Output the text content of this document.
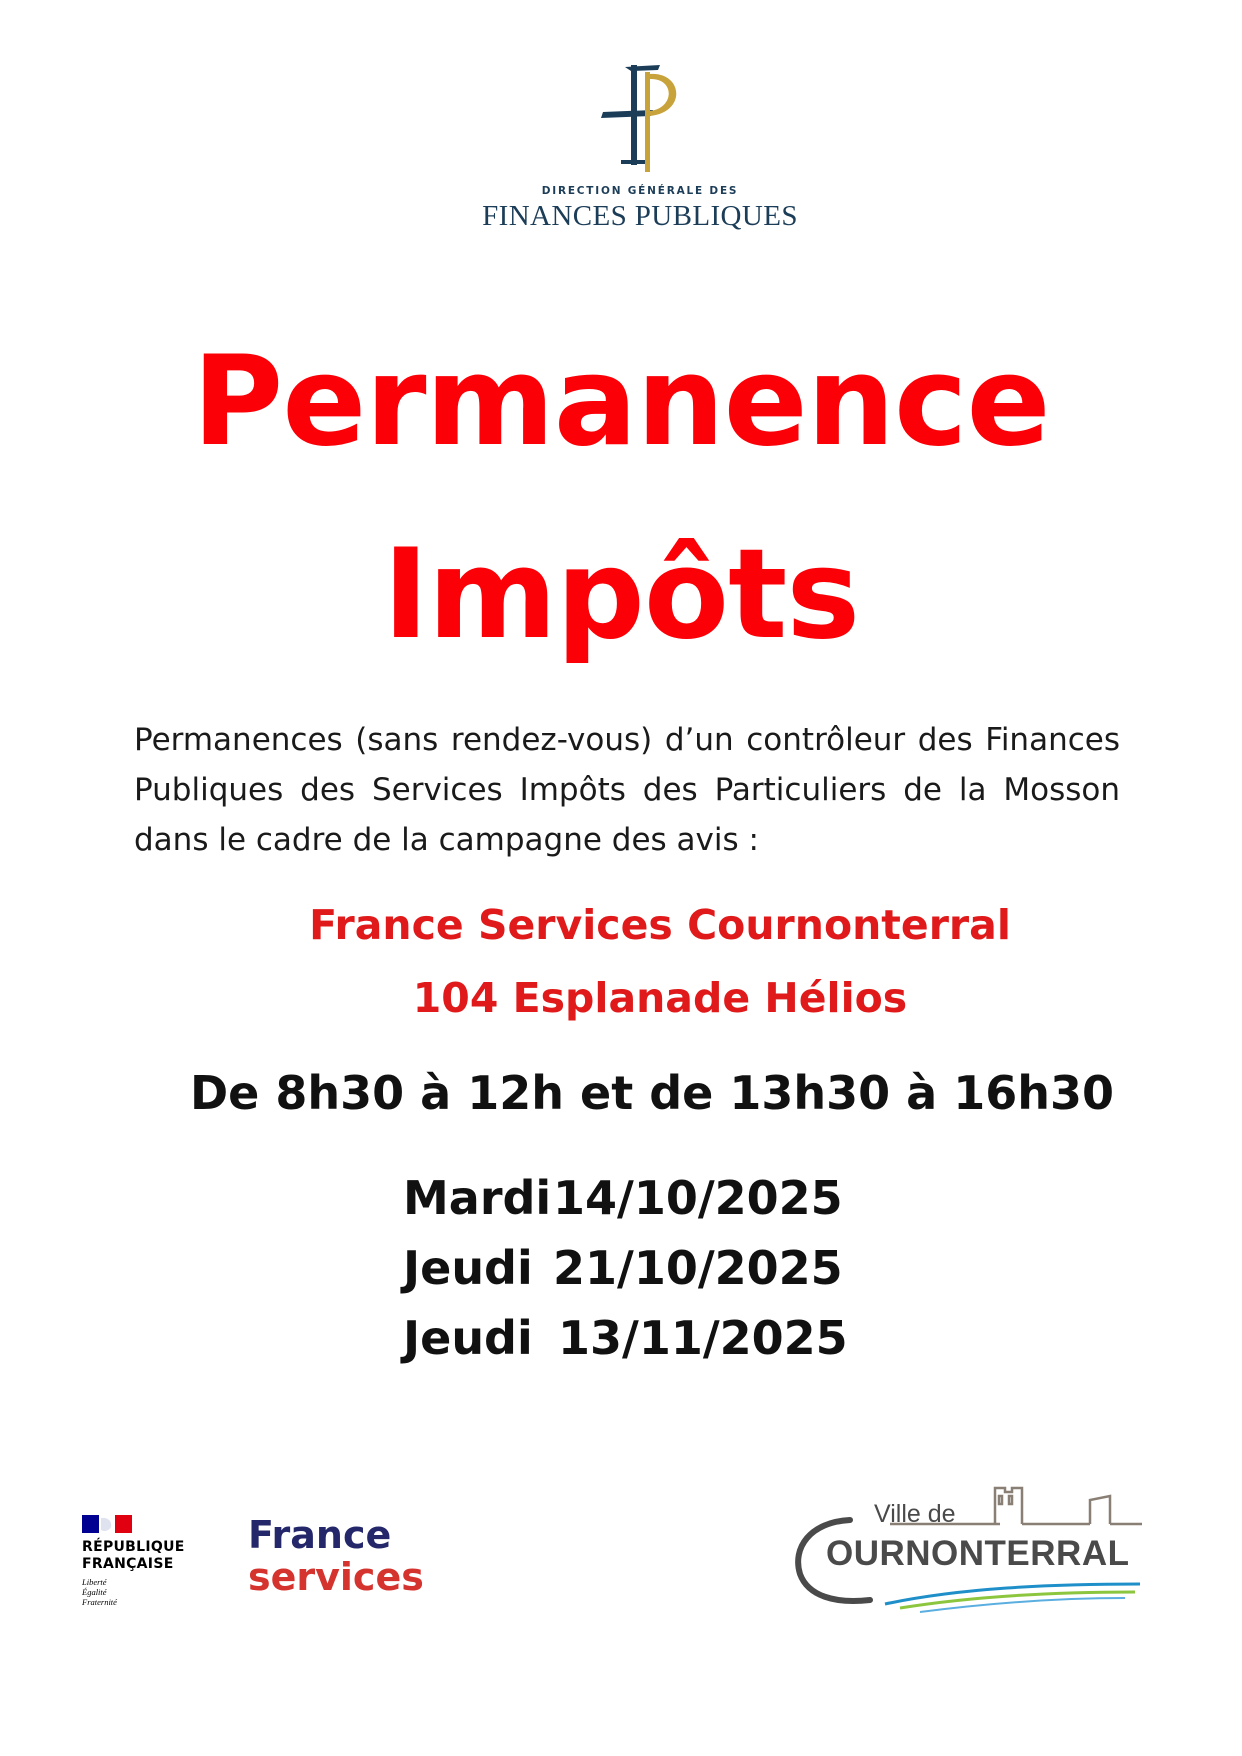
DIRECTION GÉNÉRALE DES
FINANCES PUBLIQUES
Permanence
Impôts
Permanences (sans rendez-vous) d’un contrôleur des Finances Publiques des Services Impôts des Particuliers de la Mosson dans le cadre de la campagne des avis :
France Services Cournonterral
104 Esplanade Hélios
De 8h30 à 12h et de 13h30 à 16h30
Mardi14/10/2025
Jeudi 21/10/2025
Jeudi 13/11/2025
RÉPUBLIQUE
FRANÇAISE
Liberté
Égalité
Fraternité
France
services
Ville de
OURNONTERRAL
